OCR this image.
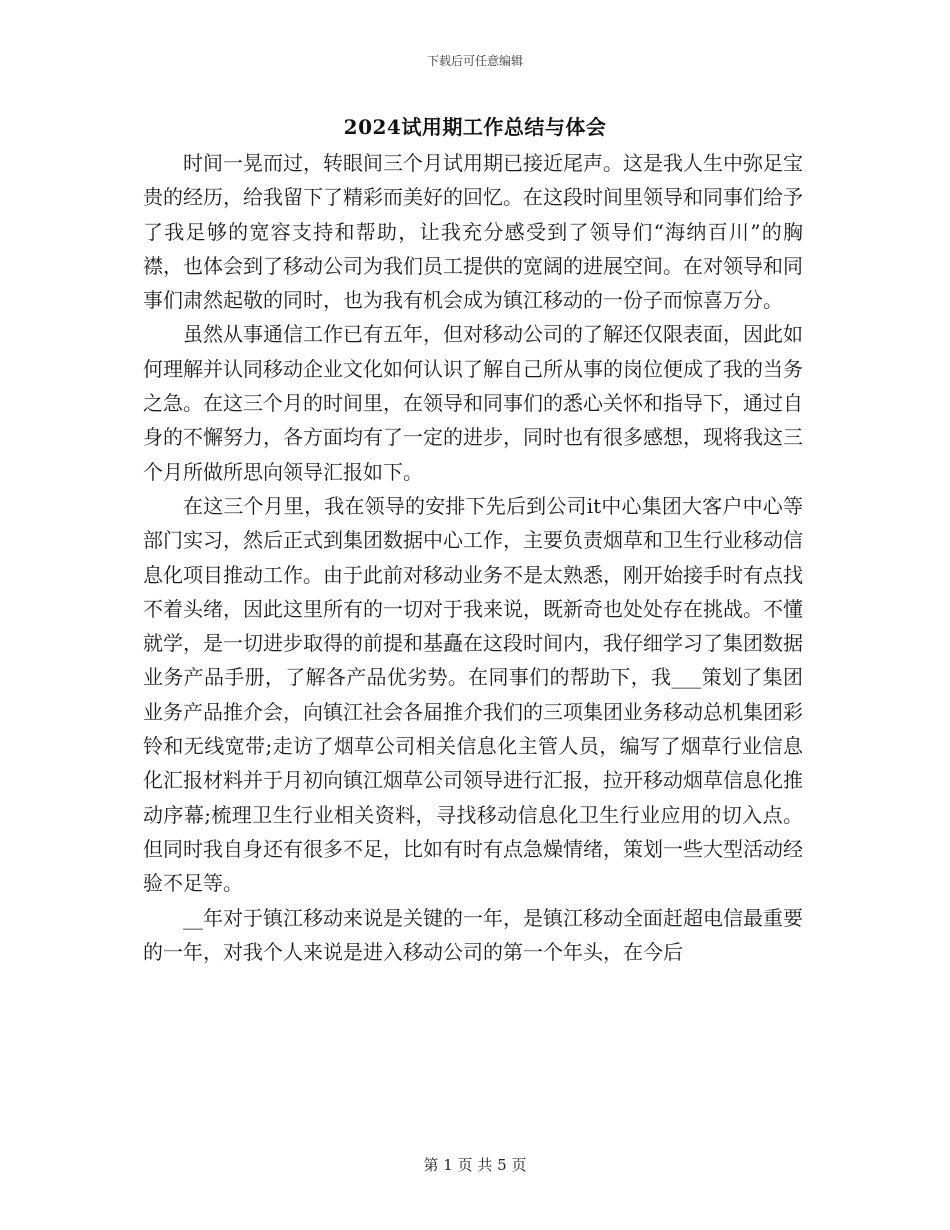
下载后可任意编辑
2024试用期工作总结与体会

时间一晃而过，转眼间三个月试用期已接近尾声。这是我人生中弥足宝贵的经历，给我留下了精彩而美好的回忆。在这段时间里领导和同事们给予了我足够的宽容支持和帮助，让我充分感受到了领导们“海纳百川”的胸襟，也体会到了移动公司为我们员工提供的宽阔的进展空间。在对领导和同事们肃然起敬的同时，也为我有机会成为镇江移动的一份子而惊喜万分。

虽然从事通信工作已有五年，但对移动公司的了解还仅限表面，因此如何理解并认同移动企业文化如何认识了解自己所从事的岗位便成了我的当务之急。在这三个月的时间里，在领导和同事们的悉心关怀和指导下，通过自身的不懈努力，各方面均有了一定的进步，同时也有很多感想，现将我这三个月所做所思向领导汇报如下。

在这三个月里，我在领导的安排下先后到公司it中心集团大客户中心等部门实习，然后正式到集团数据中心工作，主要负责烟草和卫生行业移动信息化项目推动工作。由于此前对移动业务不是太熟悉，刚开始接手时有点找不着头绪，因此这里所有的一切对于我来说，既新奇也处处存在挑战。不懂就学，是一切进步取得的前提和基矗在这段时间内，我仔细学习了集团数据业务产品手册，了解各产品优劣势。在同事们的帮助下，我___策划了集团业务产品推介会，向镇江社会各届推介我们的三项集团业务移动总机集团彩铃和无线宽带;走访了烟草公司相关信息化主管人员，编写了烟草行业信息化汇报材料并于月初向镇江烟草公司领导进行汇报，拉开移动烟草信息化推动序幕;梳理卫生行业相关资料，寻找移动信息化卫生行业应用的切入点。但同时我自身还有很多不足，比如有时有点急燥情绪，策划一些大型活动经验不足等。

__年对于镇江移动来说是关键的一年，是镇江移动全面赶超电信最重要的一年，对我个人来说是进入移动公司的第一个年头，在今后

第 1 页 共 5 页
